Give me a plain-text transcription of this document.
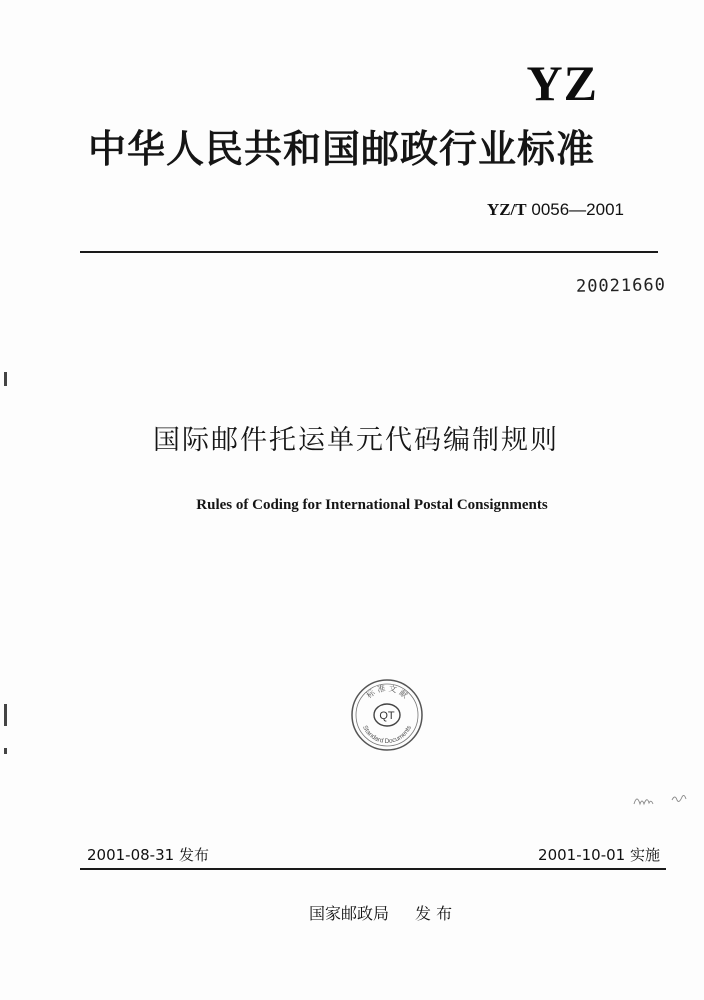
YZ
中华人民共和国邮政行业标准
YZ/T 0056—2001
20021660
国际邮件托运单元代码编制规则
Rules of Coding for International Postal Consignments
标 准 文 献
QT
Standard Documents
2001-08-31 发布	2001-10-01 实施
国家邮政局 发 布
